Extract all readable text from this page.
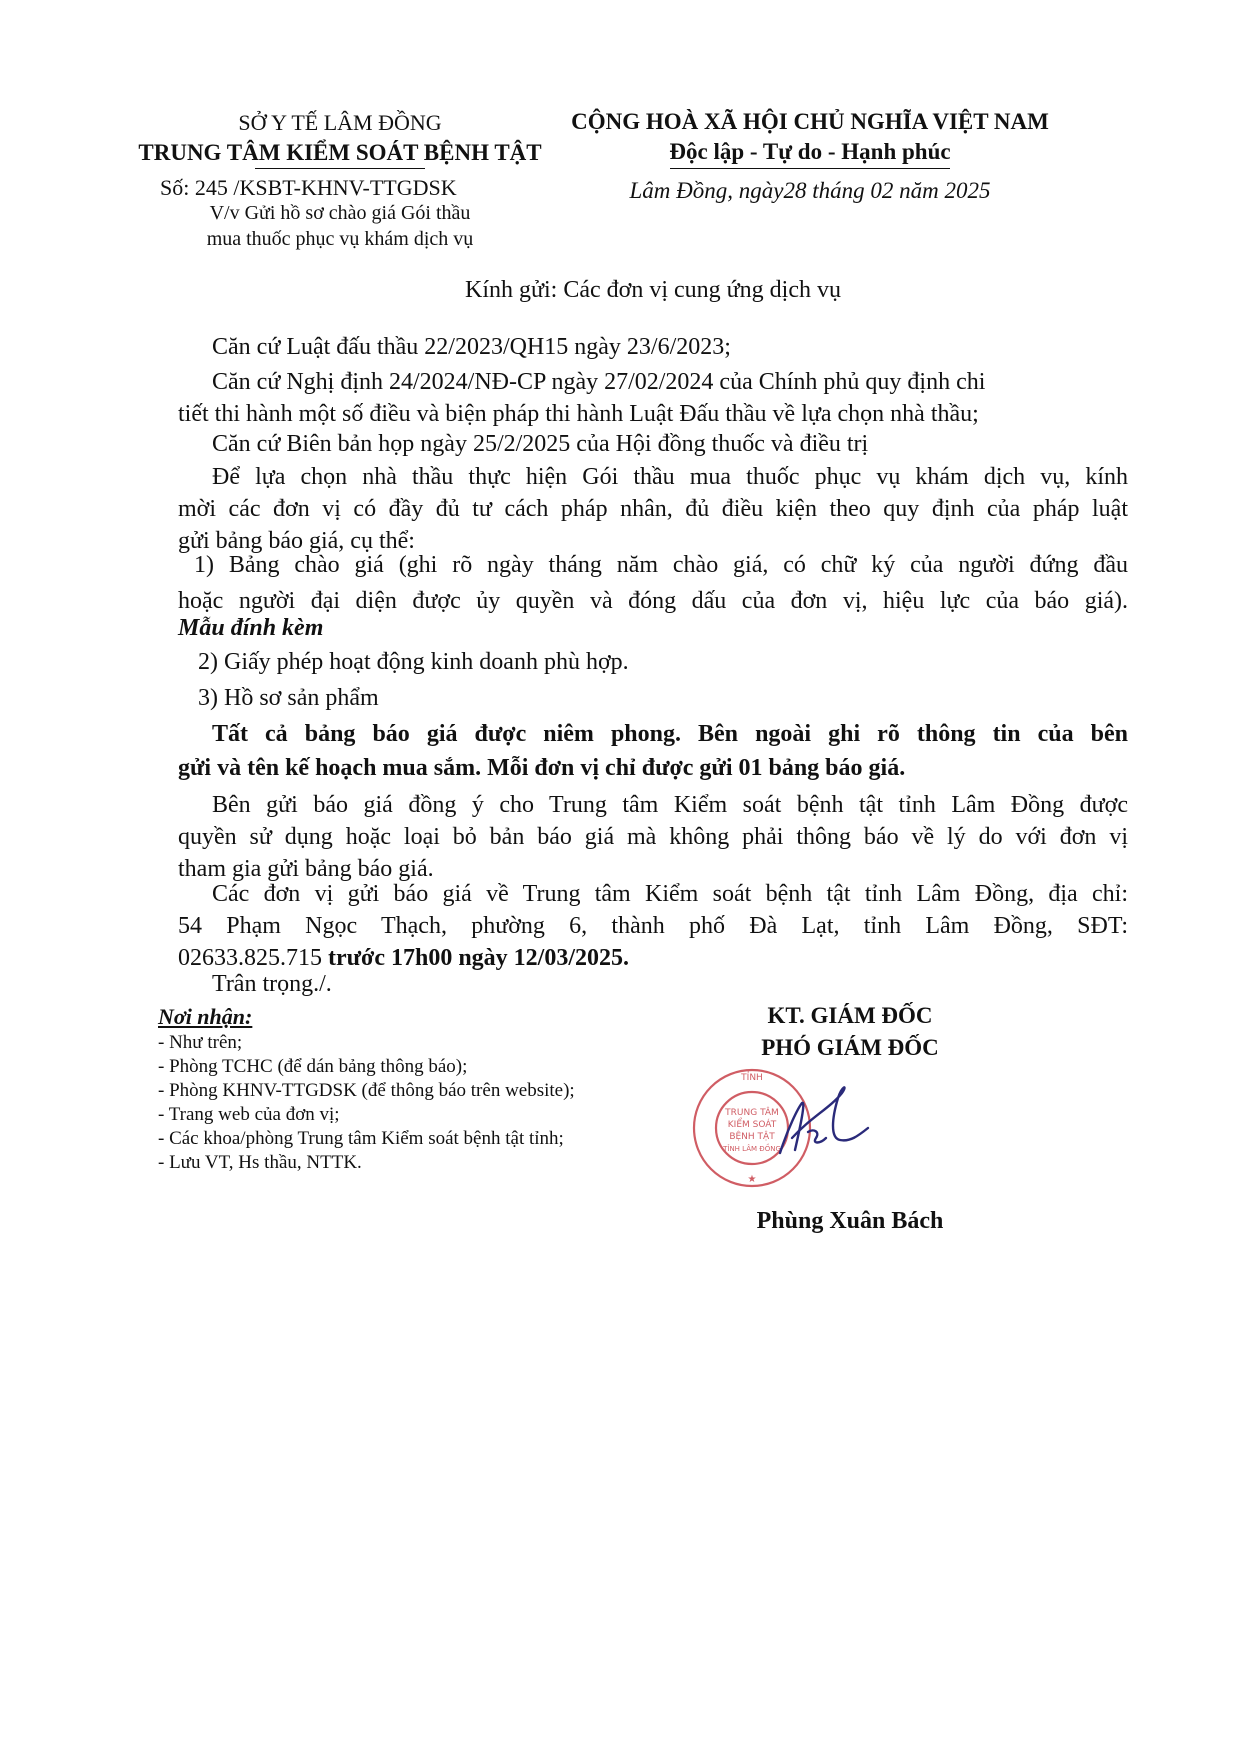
SỞ Y TẾ LÂM ĐỒNG
TRUNG TÂM KIỂM SOÁT BỆNH TẬT
Số: 245 /KSBT-KHNV-TTGDSK
V/v Gửi hồ sơ chào giá Gói thầu
mua thuốc phục vụ khám dịch vụ
CỘNG HOÀ XÃ HỘI CHỦ NGHĨA VIỆT NAM
Độc lập - Tự do - Hạnh phúc
Lâm Đồng, ngày28 tháng 02 năm 2025
Kính gửi: Các đơn vị cung ứng dịch vụ
Căn cứ Luật đấu thầu 22/2023/QH15 ngày 23/6/2023;
Căn cứ Nghị định 24/2024/NĐ-CP ngày 27/02/2024 của Chính phủ quy định chi
tiết thi hành một số điều và biện pháp thi hành Luật Đấu thầu về lựa chọn nhà thầu;
Căn cứ Biên bản họp ngày 25/2/2025 của Hội đồng thuốc và điều trị
Để lựa chọn nhà thầu thực hiện Gói thầu mua thuốc phục vụ khám dịch vụ, kính
mời các đơn vị có đầy đủ tư cách pháp nhân, đủ điều kiện theo quy định của pháp luật
gửi bảng báo giá, cụ thể:
1) Bảng chào giá (ghi rõ ngày tháng năm chào giá, có chữ ký của người đứng đầu
hoặc người đại diện được ủy quyền và đóng dấu của đơn vị, hiệu lực của báo giá).
Mẫu đính kèm
2) Giấy phép hoạt động kinh doanh phù hợp.
3) Hồ sơ sản phẩm
Tất cả bảng báo giá được niêm phong. Bên ngoài ghi rõ thông tin của bên
gửi và tên kế hoạch mua sắm. Mỗi đơn vị chỉ được gửi 01 bảng báo giá.
Bên gửi báo giá đồng ý cho Trung tâm Kiểm soát bệnh tật tỉnh Lâm Đồng được
quyền sử dụng hoặc loại bỏ bản báo giá mà không phải thông báo về lý do với đơn vị
tham gia gửi bảng báo giá.
Các đơn vị gửi báo giá về Trung tâm Kiểm soát bệnh tật tỉnh Lâm Đồng, địa chỉ:
54 Phạm Ngọc Thạch, phường 6, thành phố Đà Lạt, tỉnh Lâm Đồng, SĐT:
02633.825.715 trước 17h00 ngày 12/03/2025.
Trân trọng./.
Nơi nhận:
- Như trên;
- Phòng TCHC (để dán bảng thông báo);
- Phòng KHNV-TTGDSK (để thông báo trên website);
- Trang web của đơn vị;
- Các khoa/phòng Trung tâm Kiểm soát bệnh tật tỉnh;
- Lưu VT, Hs thầu, NTTK.
KT. GIÁM ĐỐC
PHÓ GIÁM ĐỐC
TỈNH
TRUNG TÂM
KIỂM SOÁT
BỆNH TẬT
TỈNH LÂM ĐỒNG
★
Phùng Xuân Bách
